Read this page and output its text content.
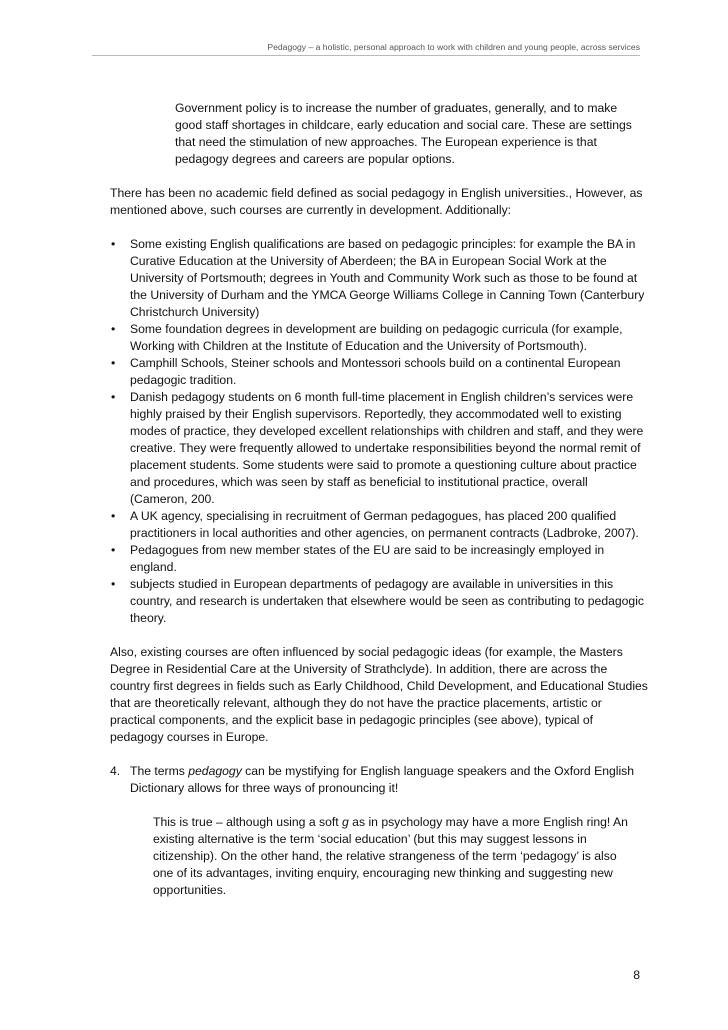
Pedagogy – a holistic, personal approach to work with children and young people, across services

Government policy is to increase the number of graduates, generally, and to make good staff shortages in childcare, early education and social care. These are settings that need the stimulation of new approaches. The European experience is that pedagogy degrees and careers are popular options.

There has been no academic field defined as social pedagogy in English universities., However, as mentioned above, such courses are currently in development. Additionally:

• Some existing English qualifications are based on pedagogic principles: for example the BA in Curative Education at the University of Aberdeen; the BA in European Social Work at the University of Portsmouth; degrees in Youth and Community Work such as those to be found at the University of Durham and the YMCA George Williams College in Canning Town (Canterbury Christchurch University)
• Some foundation degrees in development are building on pedagogic curricula (for example, Working with Children at the Institute of Education and the University of Portsmouth).
• Camphill Schools, Steiner schools and Montessori schools build on a continental European pedagogic tradition.
• Danish pedagogy students on 6 month full-time placement in English children’s services were highly praised by their English supervisors. Reportedly, they accommodated well to existing modes of practice, they developed excellent relationships with children and staff, and they were creative. They were frequently allowed to undertake responsibilities beyond the normal remit of placement students. Some students were said to promote a questioning culture about practice and procedures, which was seen by staff as beneficial to institutional practice, overall (Cameron, 200.
• A UK agency, specialising in recruitment of German pedagogues, has placed 200 qualified practitioners in local authorities and other agencies, on permanent contracts (Ladbroke, 2007).
• Pedagogues from new member states of the EU are said to be increasingly employed in england.
• subjects studied in European departments of pedagogy are available in universities in this country, and research is undertaken that elsewhere would be seen as contributing to pedagogic theory.

Also, existing courses are often influenced by social pedagogic ideas (for example, the Masters Degree in Residential Care at the University of Strathclyde). In addition, there are across the country first degrees in fields such as Early Childhood, Child Development, and Educational Studies that are theoretically relevant, although they do not have the practice placements, artistic or practical components, and the explicit base in pedagogic principles (see above), typical of pedagogy courses in Europe.

4. The terms pedagogy can be mystifying for English language speakers and the Oxford English Dictionary allows for three ways of pronouncing it!

This is true – although using a soft g as in psychology may have a more English ring! An existing alternative is the term ‘social education’ (but this may suggest lessons in citizenship). On the other hand, the relative strangeness of the term ‘pedagogy’ is also one of its advantages, inviting enquiry, encouraging new thinking and suggesting new opportunities.

8
